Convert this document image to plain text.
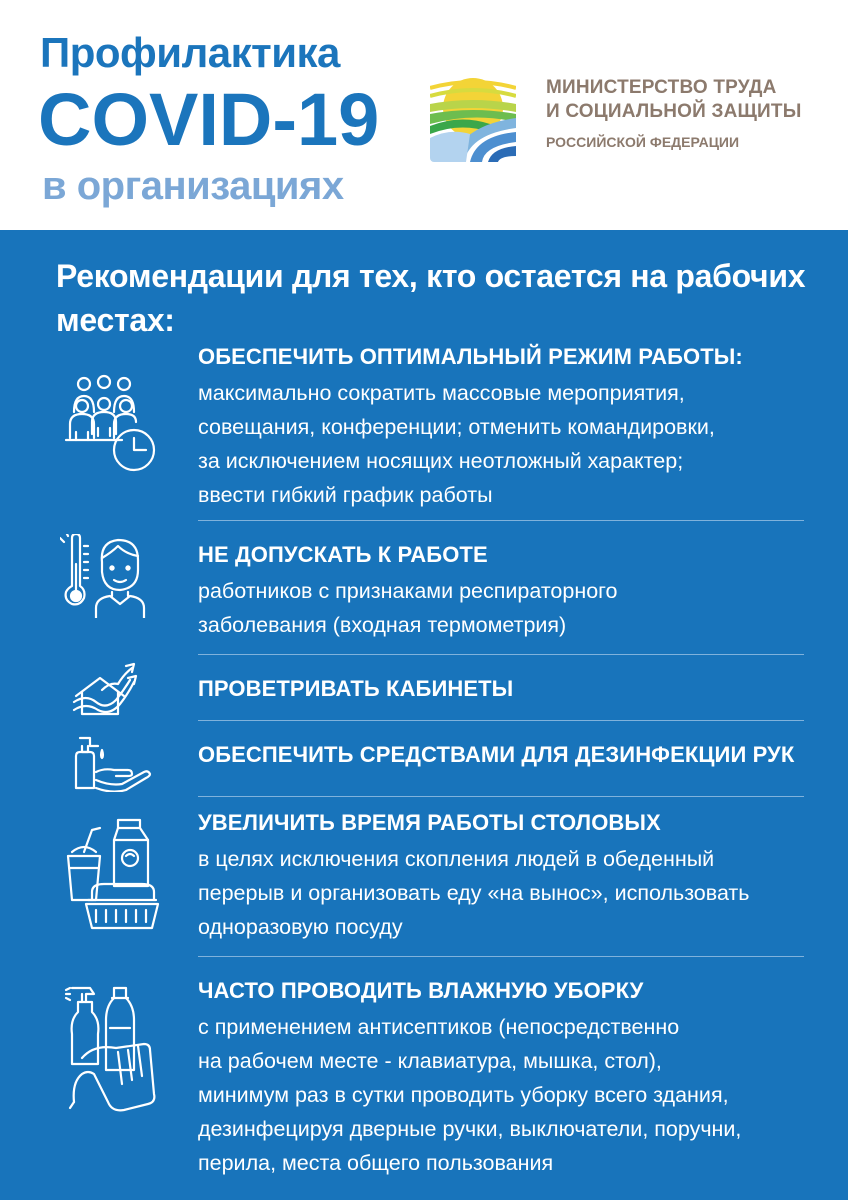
Профилактика
COVID-19
в организациях
МИНИСТЕРСТВО ТРУДА
И СОЦИАЛЬНОЙ ЗАЩИТЫ
РОССИЙСКОЙ ФЕДЕРАЦИИ
Рекомендации для тех, кто остается на рабочих местах:
ОБЕСПЕЧИТЬ ОПТИМАЛЬНЫЙ РЕЖИМ РАБОТЫ:
максимально сократить массовые мероприятия,
совещания, конференции; отменить командировки,
за исключением носящих неотложный характер;
ввести гибкий график работы
НЕ ДОПУСКАТЬ К РАБОТЕ
работников с признаками респираторного
заболевания (входная термометрия)
ПРОВЕТРИВАТЬ КАБИНЕТЫ
ОБЕСПЕЧИТЬ СРЕДСТВАМИ ДЛЯ ДЕЗИНФЕКЦИИ РУК
УВЕЛИЧИТЬ ВРЕМЯ РАБОТЫ СТОЛОВЫХ
в целях исключения скопления людей в обеденный
перерыв и организовать еду «на вынос», использовать
одноразовую посуду
ЧАСТО ПРОВОДИТЬ ВЛАЖНУЮ УБОРКУ
с применением антисептиков (непосредственно
на рабочем месте - клавиатура, мышка, стол),
минимум раз в сутки проводить уборку всего здания,
дезинфецируя дверные ручки, выключатели, поручни,
перила, места общего пользования
